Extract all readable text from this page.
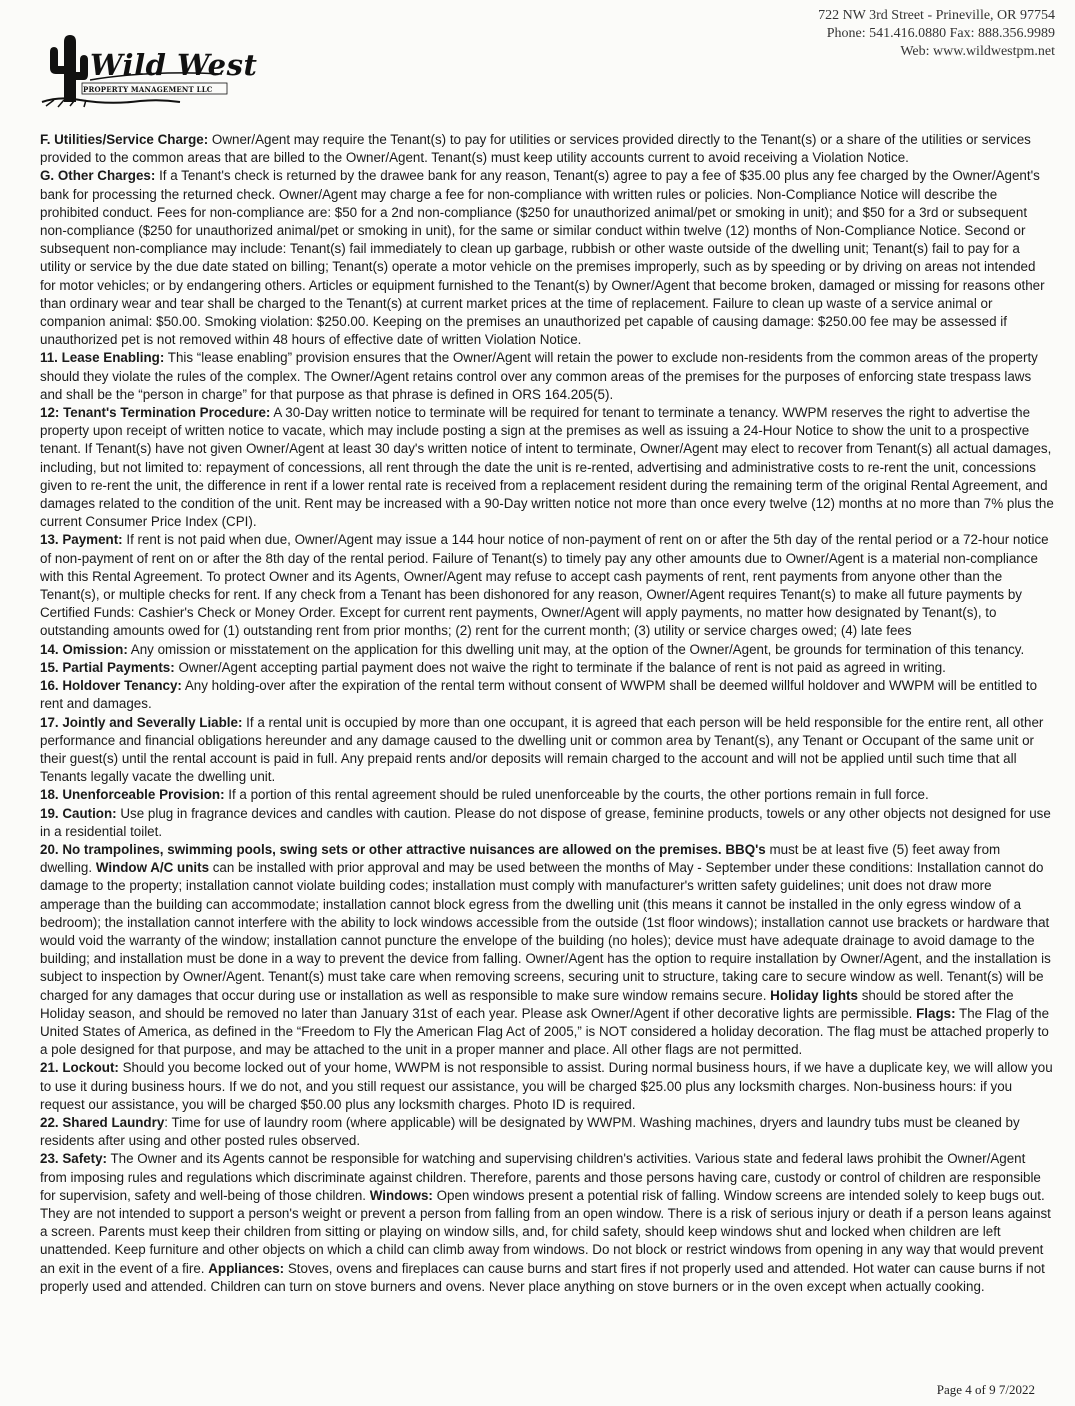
Wild West
PROPERTY MANAGEMENT LLC
722 NW 3rd Street - Prineville, OR 97754
Phone: 541.416.0880 Fax: 888.356.9989
Web: www.wildwestpm.net

F. Utilities/Service Charge: Owner/Agent may require the Tenant(s) to pay for utilities or services provided directly to the Tenant(s) or a share of the utilities or services provided to the common areas that are billed to the Owner/Agent. Tenant(s) must keep utility accounts current to avoid receiving a Violation Notice.

G. Other Charges: If a Tenant's check is returned by the drawee bank for any reason, Tenant(s) agree to pay a fee of $35.00 plus any fee charged by the Owner/Agent's bank for processing the returned check. Owner/Agent may charge a fee for non-compliance with written rules or policies. Non-Compliance Notice will describe the prohibited conduct. Fees for non-compliance are: $50 for a 2nd non-compliance ($250 for unauthorized animal/pet or smoking in unit); and $50 for a 3rd or subsequent non-compliance ($250 for unauthorized animal/pet or smoking in unit), for the same or similar conduct within twelve (12) months of Non-Compliance Notice. Second or subsequent non-compliance may include: Tenant(s) fail immediately to clean up garbage, rubbish or other waste outside of the dwelling unit; Tenant(s) fail to pay for a utility or service by the due date stated on billing; Tenant(s) operate a motor vehicle on the premises improperly, such as by speeding or by driving on areas not intended for motor vehicles; or by endangering others. Articles or equipment furnished to the Tenant(s) by Owner/Agent that become broken, damaged or missing for reasons other than ordinary wear and tear shall be charged to the Tenant(s) at current market prices at the time of replacement. Failure to clean up waste of a service animal or companion animal: $50.00. Smoking violation: $250.00. Keeping on the premises an unauthorized pet capable of causing damage: $250.00 fee may be assessed if unauthorized pet is not removed within 48 hours of effective date of written Violation Notice.

11. Lease Enabling: This “lease enabling” provision ensures that the Owner/Agent will retain the power to exclude non-residents from the common areas of the property should they violate the rules of the complex. The Owner/Agent retains control over any common areas of the premises for the purposes of enforcing state trespass laws and shall be the “person in charge” for that purpose as that phrase is defined in ORS 164.205(5).

12: Tenant's Termination Procedure: A 30-Day written notice to terminate will be required for tenant to terminate a tenancy. WWPM reserves the right to advertise the property upon receipt of written notice to vacate, which may include posting a sign at the premises as well as issuing a 24-Hour Notice to show the unit to a prospective tenant. If Tenant(s) have not given Owner/Agent at least 30 day's written notice of intent to terminate, Owner/Agent may elect to recover from Tenant(s) all actual damages, including, but not limited to: repayment of concessions, all rent through the date the unit is re-rented, advertising and administrative costs to re-rent the unit, concessions given to re-rent the unit, the difference in rent if a lower rental rate is received from a replacement resident during the remaining term of the original Rental Agreement, and damages related to the condition of the unit. Rent may be increased with a 90-Day written notice not more than once every twelve (12) months at no more than 7% plus the current Consumer Price Index (CPI).

13. Payment: If rent is not paid when due, Owner/Agent may issue a 144 hour notice of non-payment of rent on or after the 5th day of the rental period or a 72-hour notice of non-payment of rent on or after the 8th day of the rental period. Failure of Tenant(s) to timely pay any other amounts due to Owner/Agent is a material non-compliance with this Rental Agreement. To protect Owner and its Agents, Owner/Agent may refuse to accept cash payments of rent, rent payments from anyone other than the Tenant(s), or multiple checks for rent. If any check from a Tenant has been dishonored for any reason, Owner/Agent requires Tenant(s) to make all future payments by Certified Funds: Cashier's Check or Money Order. Except for current rent payments, Owner/Agent will apply payments, no matter how designated by Tenant(s), to outstanding amounts owed for (1) outstanding rent from prior months; (2) rent for the current month; (3) utility or service charges owed; (4) late fees

14. Omission: Any omission or misstatement on the application for this dwelling unit may, at the option of the Owner/Agent, be grounds for termination of this tenancy.

15. Partial Payments: Owner/Agent accepting partial payment does not waive the right to terminate if the balance of rent is not paid as agreed in writing.

16. Holdover Tenancy: Any holding-over after the expiration of the rental term without consent of WWPM shall be deemed willful holdover and WWPM will be entitled to rent and damages.

17. Jointly and Severally Liable: If a rental unit is occupied by more than one occupant, it is agreed that each person will be held responsible for the entire rent, all other performance and financial obligations hereunder and any damage caused to the dwelling unit or common area by Tenant(s), any Tenant or Occupant of the same unit or their guest(s) until the rental account is paid in full. Any prepaid rents and/or deposits will remain charged to the account and will not be applied until such time that all Tenants legally vacate the dwelling unit.

18. Unenforceable Provision: If a portion of this rental agreement should be ruled unenforceable by the courts, the other portions remain in full force.

19. Caution: Use plug in fragrance devices and candles with caution. Please do not dispose of grease, feminine products, towels or any other objects not designed for use in a residential toilet.

20. No trampolines, swimming pools, swing sets or other attractive nuisances are allowed on the premises. BBQ's must be at least five (5) feet away from dwelling. Window A/C units can be installed with prior approval and may be used between the months of May - September under these conditions: Installation cannot do damage to the property; installation cannot violate building codes; installation must comply with manufacturer's written safety guidelines; unit does not draw more amperage than the building can accommodate; installation cannot block egress from the dwelling unit (this means it cannot be installed in the only egress window of a bedroom); the installation cannot interfere with the ability to lock windows accessible from the outside (1st floor windows); installation cannot use brackets or hardware that would void the warranty of the window; installation cannot puncture the envelope of the building (no holes); device must have adequate drainage to avoid damage to the building; and installation must be done in a way to prevent the device from falling. Owner/Agent has the option to require installation by Owner/Agent, and the installation is subject to inspection by Owner/Agent. Tenant(s) must take care when removing screens, securing unit to structure, taking care to secure window as well. Tenant(s) will be charged for any damages that occur during use or installation as well as responsible to make sure window remains secure. Holiday lights should be stored after the Holiday season, and should be removed no later than January 31st of each year. Please ask Owner/Agent if other decorative lights are permissible. Flags: The Flag of the United States of America, as defined in the “Freedom to Fly the American Flag Act of 2005,” is NOT considered a holiday decoration. The flag must be attached properly to a pole designed for that purpose, and may be attached to the unit in a proper manner and place. All other flags are not permitted.

21. Lockout: Should you become locked out of your home, WWPM is not responsible to assist. During normal business hours, if we have a duplicate key, we will allow you to use it during business hours. If we do not, and you still request our assistance, you will be charged $25.00 plus any locksmith charges. Non-business hours: if you request our assistance, you will be charged $50.00 plus any locksmith charges. Photo ID is required.

22. Shared Laundry: Time for use of laundry room (where applicable) will be designated by WWPM. Washing machines, dryers and laundry tubs must be cleaned by residents after using and other posted rules observed.

23. Safety: The Owner and its Agents cannot be responsible for watching and supervising children's activities. Various state and federal laws prohibit the Owner/Agent from imposing rules and regulations which discriminate against children. Therefore, parents and those persons having care, custody or control of children are responsible for supervision, safety and well-being of those children. Windows: Open windows present a potential risk of falling. Window screens are intended solely to keep bugs out. They are not intended to support a person's weight or prevent a person from falling from an open window. There is a risk of serious injury or death if a person leans against a screen. Parents must keep their children from sitting or playing on window sills, and, for child safety, should keep windows shut and locked when children are left unattended. Keep furniture and other objects on which a child can climb away from windows. Do not block or restrict windows from opening in any way that would prevent an exit in the event of a fire. Appliances: Stoves, ovens and fireplaces can cause burns and start fires if not properly used and attended. Hot water can cause burns if not properly used and attended. Children can turn on stove burners and ovens. Never place anything on stove burners or in the oven except when actually cooking.

Page 4 of 9 7/2022
